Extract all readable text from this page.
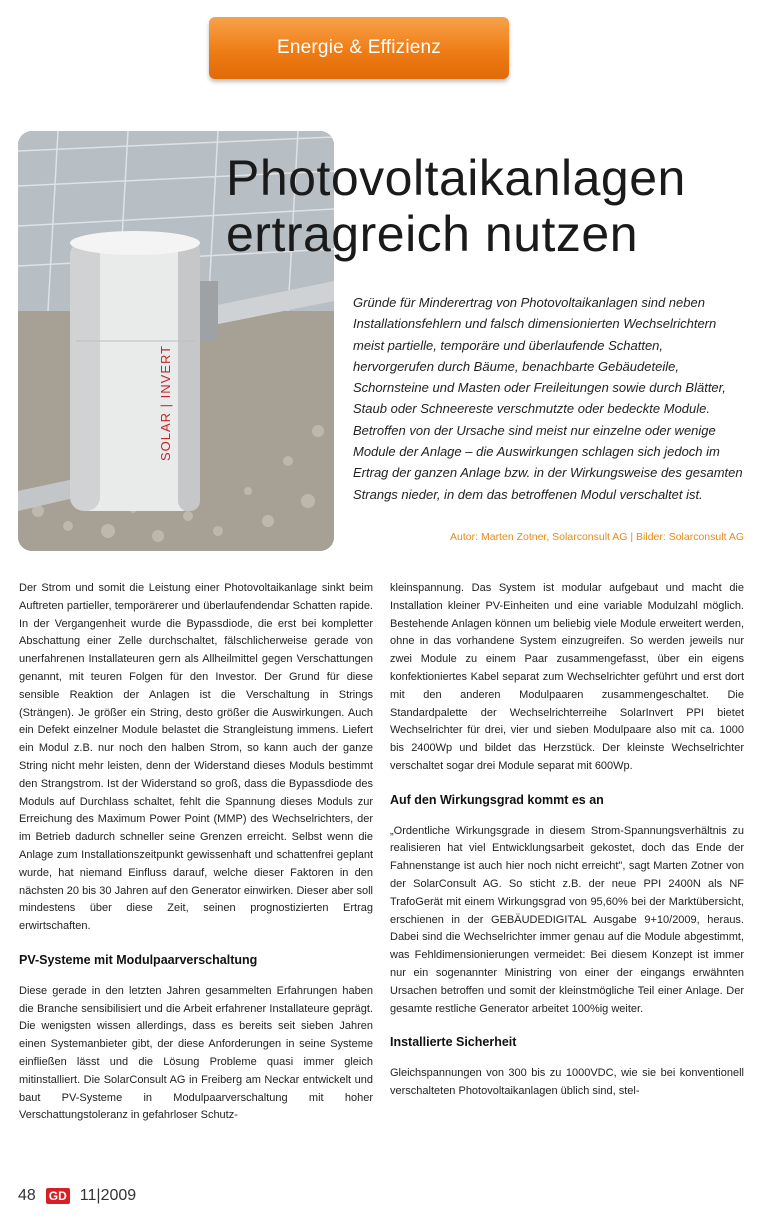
Energie & Effizienz
SOLAR | INVERT
Photovoltaikanlagen
ertragreich nutzen

Gründe für Minderertrag von Photovoltaikanlagen sind neben Installationsfehlern und falsch dimensionierten Wechselrichtern meist partielle, temporäre und überlaufende Schatten, hervorgerufen durch Bäume, benachbarte Gebäudeteile, Schornsteine und Masten oder Freileitungen sowie durch Blätter, Staub oder Schneereste verschmutzte oder bedeckte Module. Betroffen von der Ursache sind meist nur einzelne oder wenige Module der Anlage – die Auswirkungen schlagen sich jedoch im Ertrag der ganzen Anlage bzw. in der Wirkungsweise des gesamten Strangs nieder, in dem das betroffenen Modul verschaltet ist.

Autor: Marten Zotner, Solarconsult AG | Bilder: Solarconsult AG

Der Strom und somit die Leistung einer Photovoltaikanlage sinkt beim Auftreten partieller, temporärerer und überlaufendendar Schatten rapide. In der Vergangenheit wurde die Bypassdiode, die erst bei kompletter Abschattung einer Zelle durchschaltet, fälschlicherweise gerade von unerfahrenen Installateuren gern als Allheilmittel gegen Verschattungen genannt, mit teuren Folgen für den Investor. Der Grund für diese sensible Reaktion der Anlagen ist die Verschaltung in Strings (Strängen). Je größer ein String, desto größer die Auswirkungen. Auch ein Defekt einzelner Module belastet die Strangleistung immens. Liefert ein Modul z.B. nur noch den halben Strom, so kann auch der ganze String nicht mehr leisten, denn der Widerstand dieses Moduls bestimmt den Strangstrom. Ist der Widerstand so groß, dass die Bypassdiode des Moduls auf Durchlass schaltet, fehlt die Spannung dieses Moduls zur Erreichung des Maximum Power Point (MMP) des Wechselrichters, der im Betrieb dadurch schneller seine Grenzen erreicht. Selbst wenn die Anlage zum Installationszeitpunkt gewissenhaft und schattenfrei geplant wurde, hat niemand Einfluss darauf, welche dieser Faktoren in den nächsten 20 bis 30 Jahren auf den Generator einwirken. Dieser aber soll mindestens über diese Zeit, seinen prognostizierten Ertrag erwirtschaften.

PV-Systeme mit Modulpaarverschaltung

Diese gerade in den letzten Jahren gesammelten Erfahrungen haben die Branche sensibilisiert und die Arbeit erfahrener Installateure geprägt. Die wenigsten wissen allerdings, dass es bereits seit sieben Jahren einen Systemanbieter gibt, der diese Anforderungen in seine Systeme einfließen lässt und die Lösung Probleme quasi immer gleich mitinstalliert. Die SolarConsult AG in Freiberg am Neckar entwickelt und baut PV-Systeme in Modulpaarverschaltung mit hoher Verschattungstoleranz in gefahrloser Schutz-

kleinspannung. Das System ist modular aufgebaut und macht die Installation kleiner PV-Einheiten und eine variable Modulzahl möglich. Bestehende Anlagen können um beliebig viele Module erweitert werden, ohne in das vorhandene System einzugreifen. So werden jeweils nur zwei Module zu einem Paar zusammengefasst, über ein eigens konfektioniertes Kabel separat zum Wechselrichter geführt und erst dort mit den anderen Modulpaaren zusammengeschaltet. Die Standardpalette der Wechselrichterreihe SolarInvert PPI bietet Wechselrichter für drei, vier und sieben Modulpaare also mit ca. 1000 bis 2400Wp und bildet das Herzstück. Der kleinste Wechselrichter verschaltet sogar drei Module separat mit 600Wp.

Auf den Wirkungsgrad kommt es an

„Ordentliche Wirkungsgrade in diesem Strom-Spannungsverhältnis zu realisieren hat viel Entwicklungsarbeit gekostet, doch das Ende der Fahnenstange ist auch hier noch nicht erreicht", sagt Marten Zotner von der SolarConsult AG. So sticht z.B. der neue PPI 2400N als NF TrafoGerät mit einem Wirkungsgrad von 95,60% bei der Marktübersicht, erschienen in der GEBÄUDEDIGITAL Ausgabe 9+10/2009, heraus. Dabei sind die Wechselrichter immer genau auf die Module abgestimmt, was Fehldimensionierungen vermeidet: Bei diesem Konzept ist immer nur ein sogenannter Ministring von einer der eingangs erwähnten Ursachen betroffen und somit der kleinstmögliche Teil einer Anlage. Der gesamte restliche Generator arbeitet 100%ig weiter.

Installierte Sicherheit

Gleichspannungen von 300 bis zu 1000VDC, wie sie bei konventionell verschalteten Photovoltaikanlagen üblich sind, stel-

48 GD 11|2009
